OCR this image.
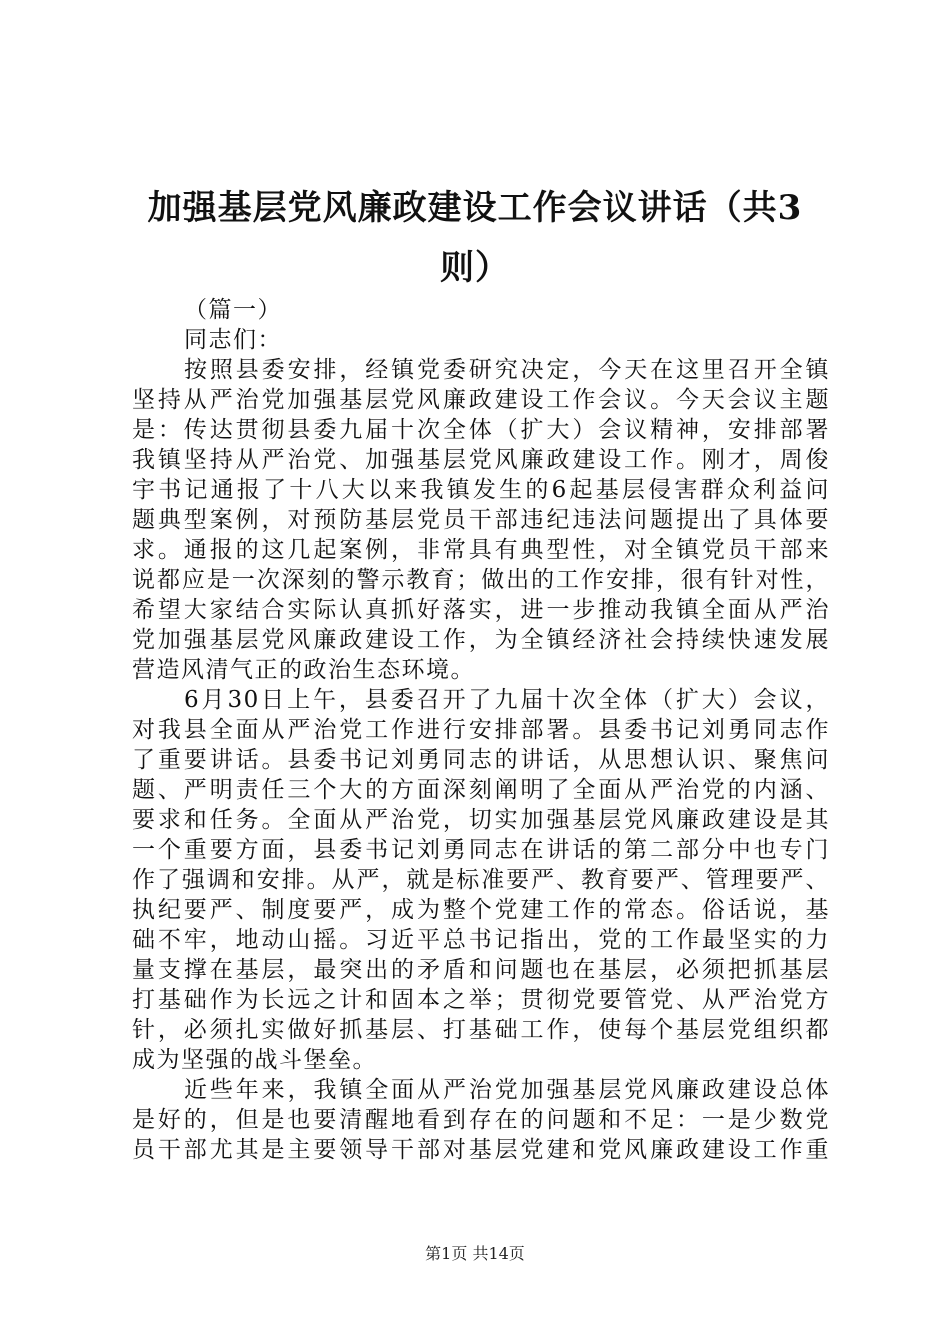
加强基层党风廉政建设工作会议讲话（共3
则）

（篇一）

同志们：

按照县委安排，经镇党委研究决定，今天在这里召开全镇
坚持从严治党加强基层党风廉政建设工作会议。今天会议主题
是：传达贯彻县委九届十次全体（扩大）会议精神，安排部署
我镇坚持从严治党、加强基层党风廉政建设工作。刚才，周俊
宇书记通报了十八大以来我镇发生的6起基层侵害群众利益问
题典型案例，对预防基层党员干部违纪违法问题提出了具体要
求。通报的这几起案例，非常具有典型性，对全镇党员干部来
说都应是一次深刻的警示教育；做出的工作安排，很有针对性，
希望大家结合实际认真抓好落实，进一步推动我镇全面从严治
党加强基层党风廉政建设工作，为全镇经济社会持续快速发展
营造风清气正的政治生态环境。
6月30日上午，县委召开了九届十次全体（扩大）会议，
对我县全面从严治党工作进行安排部署。县委书记刘勇同志作
了重要讲话。县委书记刘勇同志的讲话，从思想认识、聚焦问
题、严明责任三个大的方面深刻阐明了全面从严治党的内涵、
要求和任务。全面从严治党，切实加强基层党风廉政建设是其
一个重要方面，县委书记刘勇同志在讲话的第二部分中也专门
作了强调和安排。从严，就是标准要严、教育要严、管理要严、
执纪要严、制度要严，成为整个党建工作的常态。俗话说，基
础不牢，地动山摇。习近平总书记指出，党的工作最坚实的力
量支撑在基层，最突出的矛盾和问题也在基层，必须把抓基层
打基础作为长远之计和固本之举；贯彻党要管党、从严治党方
针，必须扎实做好抓基层、打基础工作，使每个基层党组织都
成为坚强的战斗堡垒。
近些年来，我镇全面从严治党加强基层党风廉政建设总体
是好的，但是也要清醒地看到存在的问题和不足：一是少数党
员干部尤其是主要领导干部对基层党建和党风廉政建设工作重
第1页 共14页
